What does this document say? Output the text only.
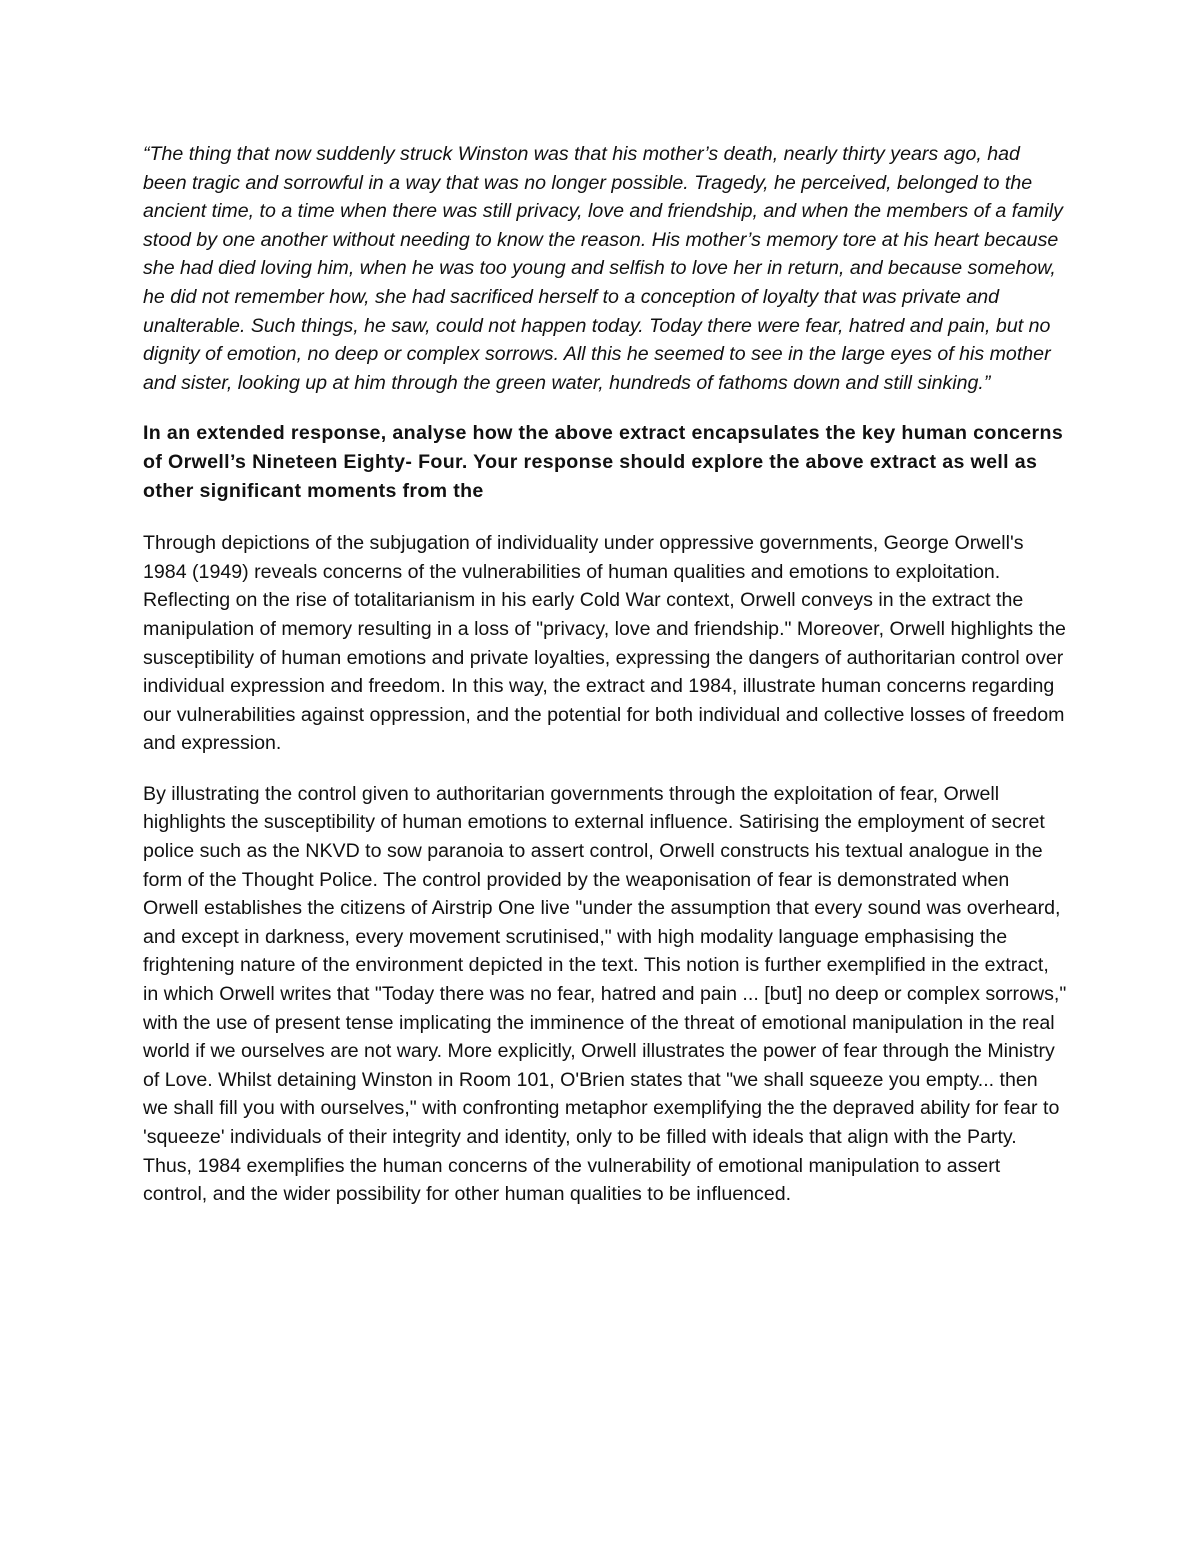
“The thing that now suddenly struck Winston was that his mother’s death, nearly thirty years ago, had been tragic and sorrowful in a way that was no longer possible. Tragedy, he perceived, belonged to the ancient time, to a time when there was still privacy, love and friendship, and when the members of a family stood by one another without needing to know the reason. His mother’s memory tore at his heart because she had died loving him, when he was too young and selfish to love her in return, and because somehow, he did not remember how, she had sacrificed herself to a conception of loyalty that was private and unalterable. Such things, he saw, could not happen today. Today there were fear, hatred and pain, but no dignity of emotion, no deep or complex sorrows. All this he seemed to see in the large eyes of his mother and sister, looking up at him through the green water, hundreds of fathoms down and still sinking.”

In an extended response, analyse how the above extract encapsulates the key human concerns of Orwell’s Nineteen Eighty- Four. Your response should explore the above extract as well as other significant moments from the

Through depictions of the subjugation of individuality under oppressive governments, George Orwell's 1984 (1949) reveals concerns of the vulnerabilities of human qualities and emotions to exploitation. Reflecting on the rise of totalitarianism in his early Cold War context, Orwell conveys in the extract the manipulation of memory resulting in a loss of "privacy, love and friendship." Moreover, Orwell highlights the susceptibility of human emotions and private loyalties, expressing the dangers of authoritarian control over individual expression and freedom. In this way, the extract and 1984, illustrate human concerns regarding our vulnerabilities against oppression, and the potential for both individual and collective losses of freedom and expression.

By illustrating the control given to authoritarian governments through the exploitation of fear, Orwell highlights the susceptibility of human emotions to external influence. Satirising the employment of secret police such as the NKVD to sow paranoia to assert control, Orwell constructs his textual analogue in the form of the Thought Police. The control provided by the weaponisation of fear is demonstrated when Orwell establishes the citizens of Airstrip One live "under the assumption that every sound was overheard, and except in darkness, every movement scrutinised," with high modality language emphasising the frightening nature of the environment depicted in the text. This notion is further exemplified in the extract, in which Orwell writes that "Today there was no fear, hatred and pain ... [but] no deep or complex sorrows," with the use of present tense implicating the imminence of the threat of emotional manipulation in the real world if we ourselves are not wary. More explicitly, Orwell illustrates the power of fear through the Ministry of Love. Whilst detaining Winston in Room 101, O'Brien states that "we shall squeeze you empty... then we shall fill you with ourselves," with confronting metaphor exemplifying the the depraved ability for fear to 'squeeze' individuals of their integrity and identity, only to be filled with ideals that align with the Party. Thus, 1984 exemplifies the human concerns of the vulnerability of emotional manipulation to assert control, and the wider possibility for other human qualities to be influenced.
